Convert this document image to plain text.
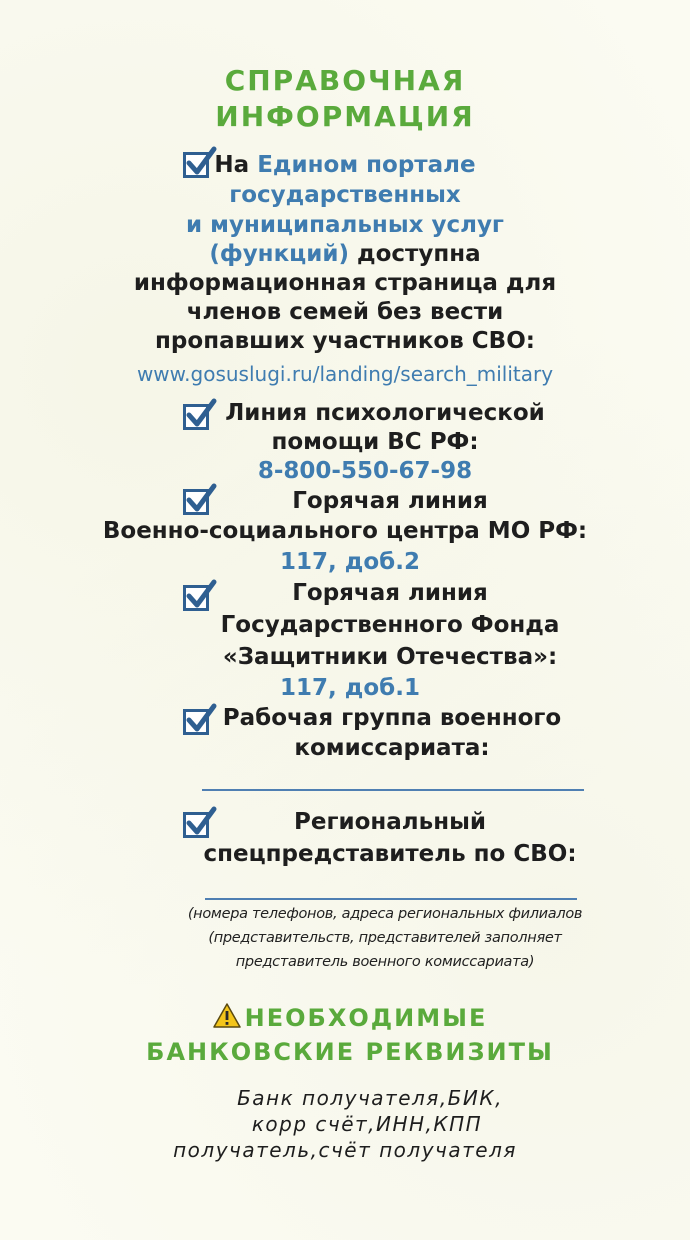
СПРАВОЧНАЯ
ИНФОРМАЦИЯ
На Едином портале
государственных
и муниципальных услуг
(функций) доступна
информационная страница для
членов семей без вести
пропавших участников СВО:
www.gosuslugi.ru/landing/search_military
Линия психологической
помощи ВС РФ:
8-800-550-67-98
Горячая линия
Военно-социального центра МО РФ:
117, доб.2
Горячая линия
Государственного Фонда
«Защитники Отечества»:
117, доб.1
Рабочая группа военного
комиссариата:
Региональный
спецпредставитель по СВО:
(номера телефонов, адреса региональных филиалов
(представительств, представителей заполняет
представитель военного комиссариата)
НЕОБХОДИМЫЕ
БАНКОВСКИЕ РЕКВИЗИТЫ
Банк получателя,БИК,
корр счёт,ИНН,КПП
получатель,счёт получателя
